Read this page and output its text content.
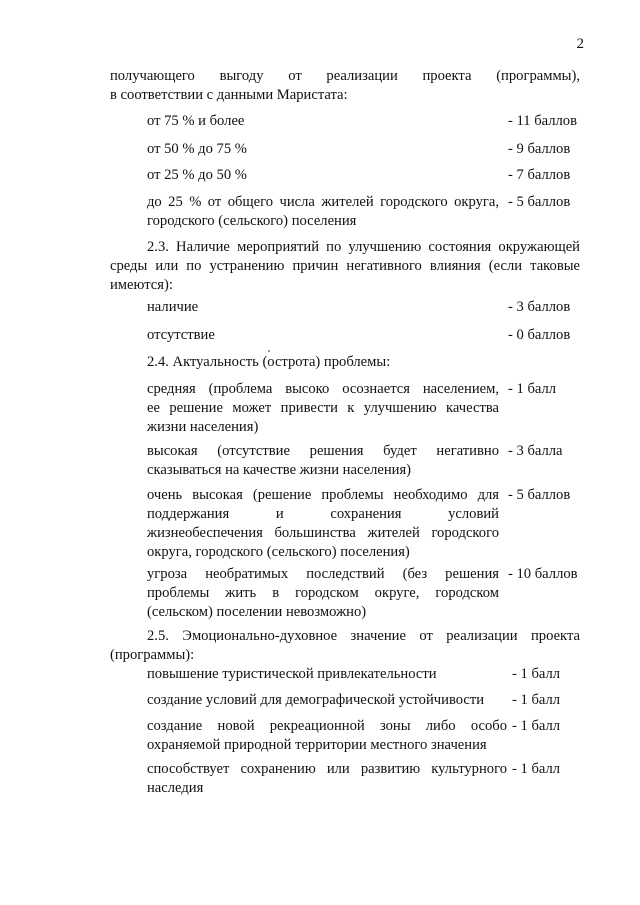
2
получающего выгоду от реализации проекта (программы),
в соответствии с данными Маристата:
от 75 % и более	- 11 баллов
от 50 % до 75 %	- 9 баллов
от 25 % до 50 %	- 7 баллов
до 25 % от общего числа жителей городского округа,
городского (сельского) поселения
- 5 баллов
2.3. Наличие мероприятий по улучшению состояния окружающей
среды или по устранению причин негативного влияния (если таковые
имеются):
наличие	- 3 баллов
отсутствие	- 0 баллов
2.4. Актуальность (острота) проблемы:
средняя (проблема высоко осознается населением,
ее решение может привести к улучшению качества
жизни населения)
- 1 балл
высокая (отсутствие решения будет негативно
сказываться на качестве жизни населения)
- 3 балла
очень высокая (решение проблемы необходимо для
поддержания и сохранения условий
жизнеобеспечения большинства жителей городского
округа, городского (сельского) поселения)
- 5 баллов
угроза необратимых последствий (без решения
проблемы жить в городском округе, городском
(сельском) поселении невозможно)
- 10 баллов
2.5. Эмоционально-духовное значение от реализации проекта
(программы):
повышение туристической привлекательности	- 1 балл
создание условий для демографической устойчивости	- 1 балл
создание новой рекреационной зоны либо особо
охраняемой природной территории местного значения
- 1 балл
способствует сохранению или развитию культурного
наследия
- 1 балл
